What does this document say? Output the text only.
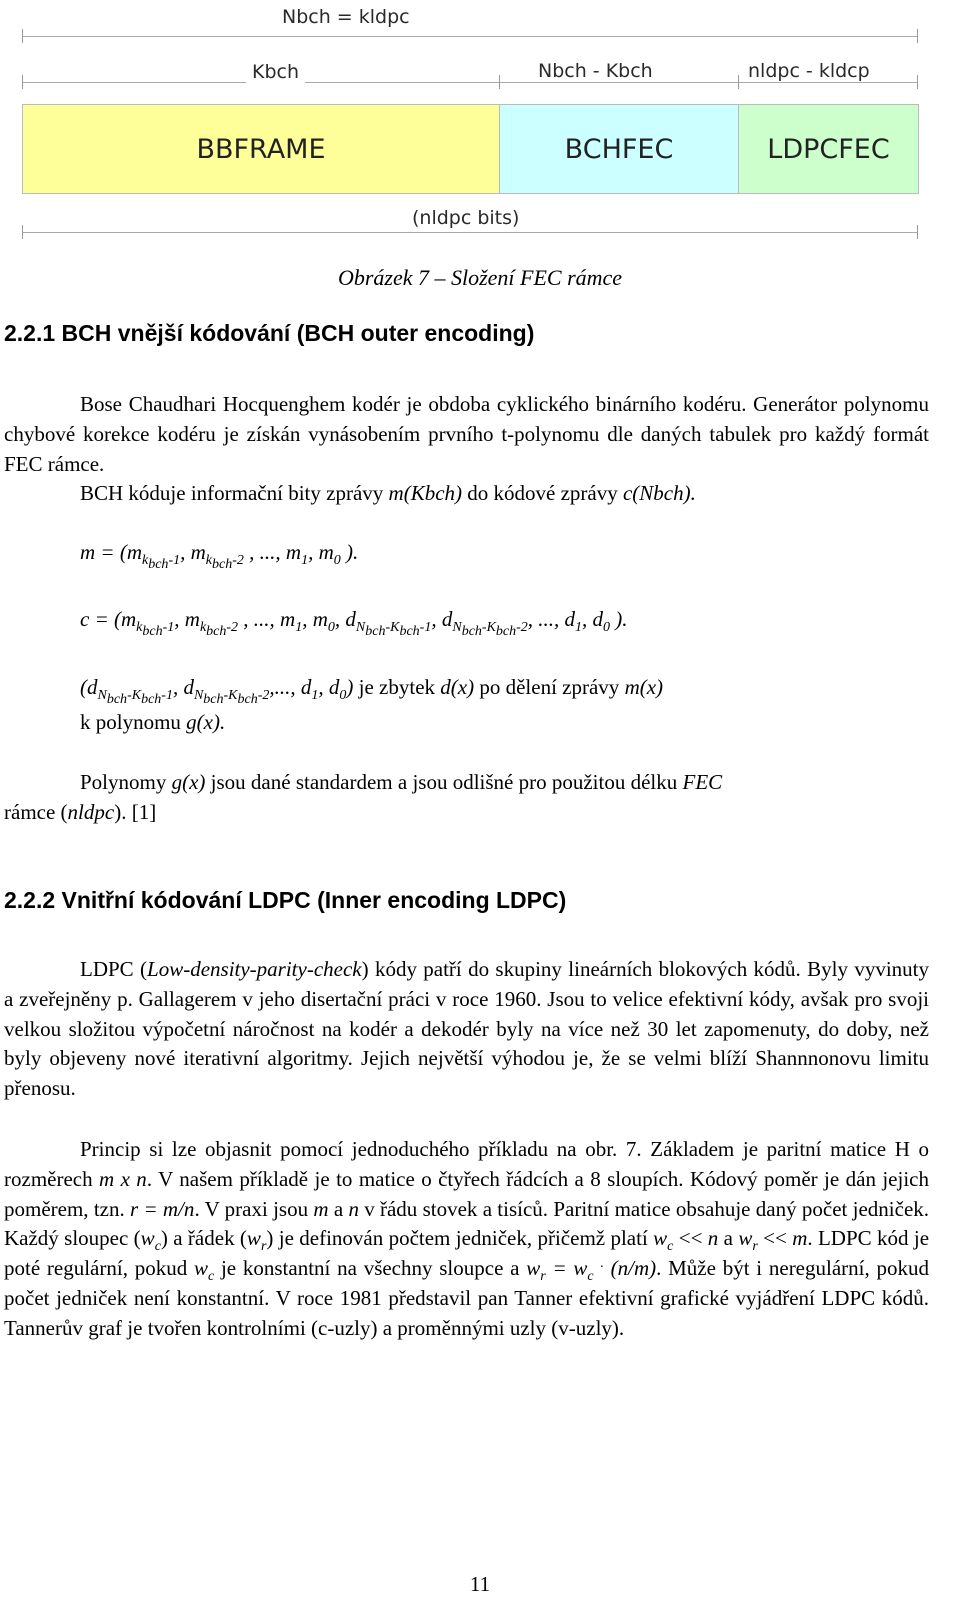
Nbch = kldpc
Kbch	Nbch - Kbch	nldpc - kldcp
BBFRAME	BCHFEC	LDPCFEC
(nldpc bits)
Obrázek 7 – Složení FEC rámce
2.2.1 BCH vnější kódování (BCH outer encoding)
Bose Chaudhari Hocquenghem kodér je obdoba cyklického binárního kodéru. Generátor polynomu chybové korekce kodéru je získán vynásobením prvního t-polynomu dle daných tabulek pro každý formát FEC rámce.
BCH kóduje informační bity zprávy m(Kbch) do kódové zprávy c(Nbch).
$m = (m_{k_{bch}-1}$, $m_{k_{bch}-2}$ , ..., $m_1$, $m_0$ ).
$c = (m_{k_{bch}-1}$, $m_{k_{bch}-2}$ , ..., $m_1$, $m_0$, $d_{N_{bch}-K_{bch}-1}$, $d_{N_{bch}-K_{bch}-2}$, ..., $d_1$, $d_0$ ).
($d_{N_{bch}-K_{bch}-1}$, $d_{N_{bch}-K_{bch}-2}$,..., $d_1$, $d_0$) je zbytek d(x) po dělení zprávy m(x)
k polynomu g(x).
Polynomy g(x) jsou dané standardem a jsou odlišné pro použitou délku FEC
rámce (nldpc). [1]
2.2.2 Vnitřní kódování LDPC (Inner encoding LDPC)
LDPC (Low-density-parity-check) kódy patří do skupiny lineárních blokových kódů. Byly vyvinuty a zveřejněny p. Gallagerem v jeho disertační práci v roce 1960. Jsou to velice efektivní kódy, avšak pro svoji velkou složitou výpočetní náročnost na kodér a dekodér byly na více než 30 let zapomenuty, do doby, než byly objeveny nové iterativní algoritmy. Jejich největší výhodou je, že se velmi blíží Shannnonovu limitu přenosu.
Princip si lze objasnit pomocí jednoduchého příkladu na obr. 7. Základem je paritní matice H o rozměrech m x n. V našem příkladě je to matice o čtyřech řádcích a 8 sloupích. Kódový poměr je dán jejich poměrem, tzn. r = m/n. V praxi jsou m a n v řádu stovek a tisíců. Paritní matice obsahuje daný počet jedniček. Každý sloupec $(w_c)$ a řádek $(w_r)$ je definován počtem jedniček, přičemž platí $w_c << n$ a $w_r << m$. LDPC kód je poté regulární, pokud $w_c$ je konstantní na všechny sloupce a $w_r = w_c$ . (n/m). Může být i neregulární, pokud počet jedniček není konstantní. V roce 1981 představil pan Tanner efektivní grafické vyjádření LDPC kódů. Tannerův graf je tvořen kontrolními (c-uzly) a proměnnými uzly (v-uzly).
11
